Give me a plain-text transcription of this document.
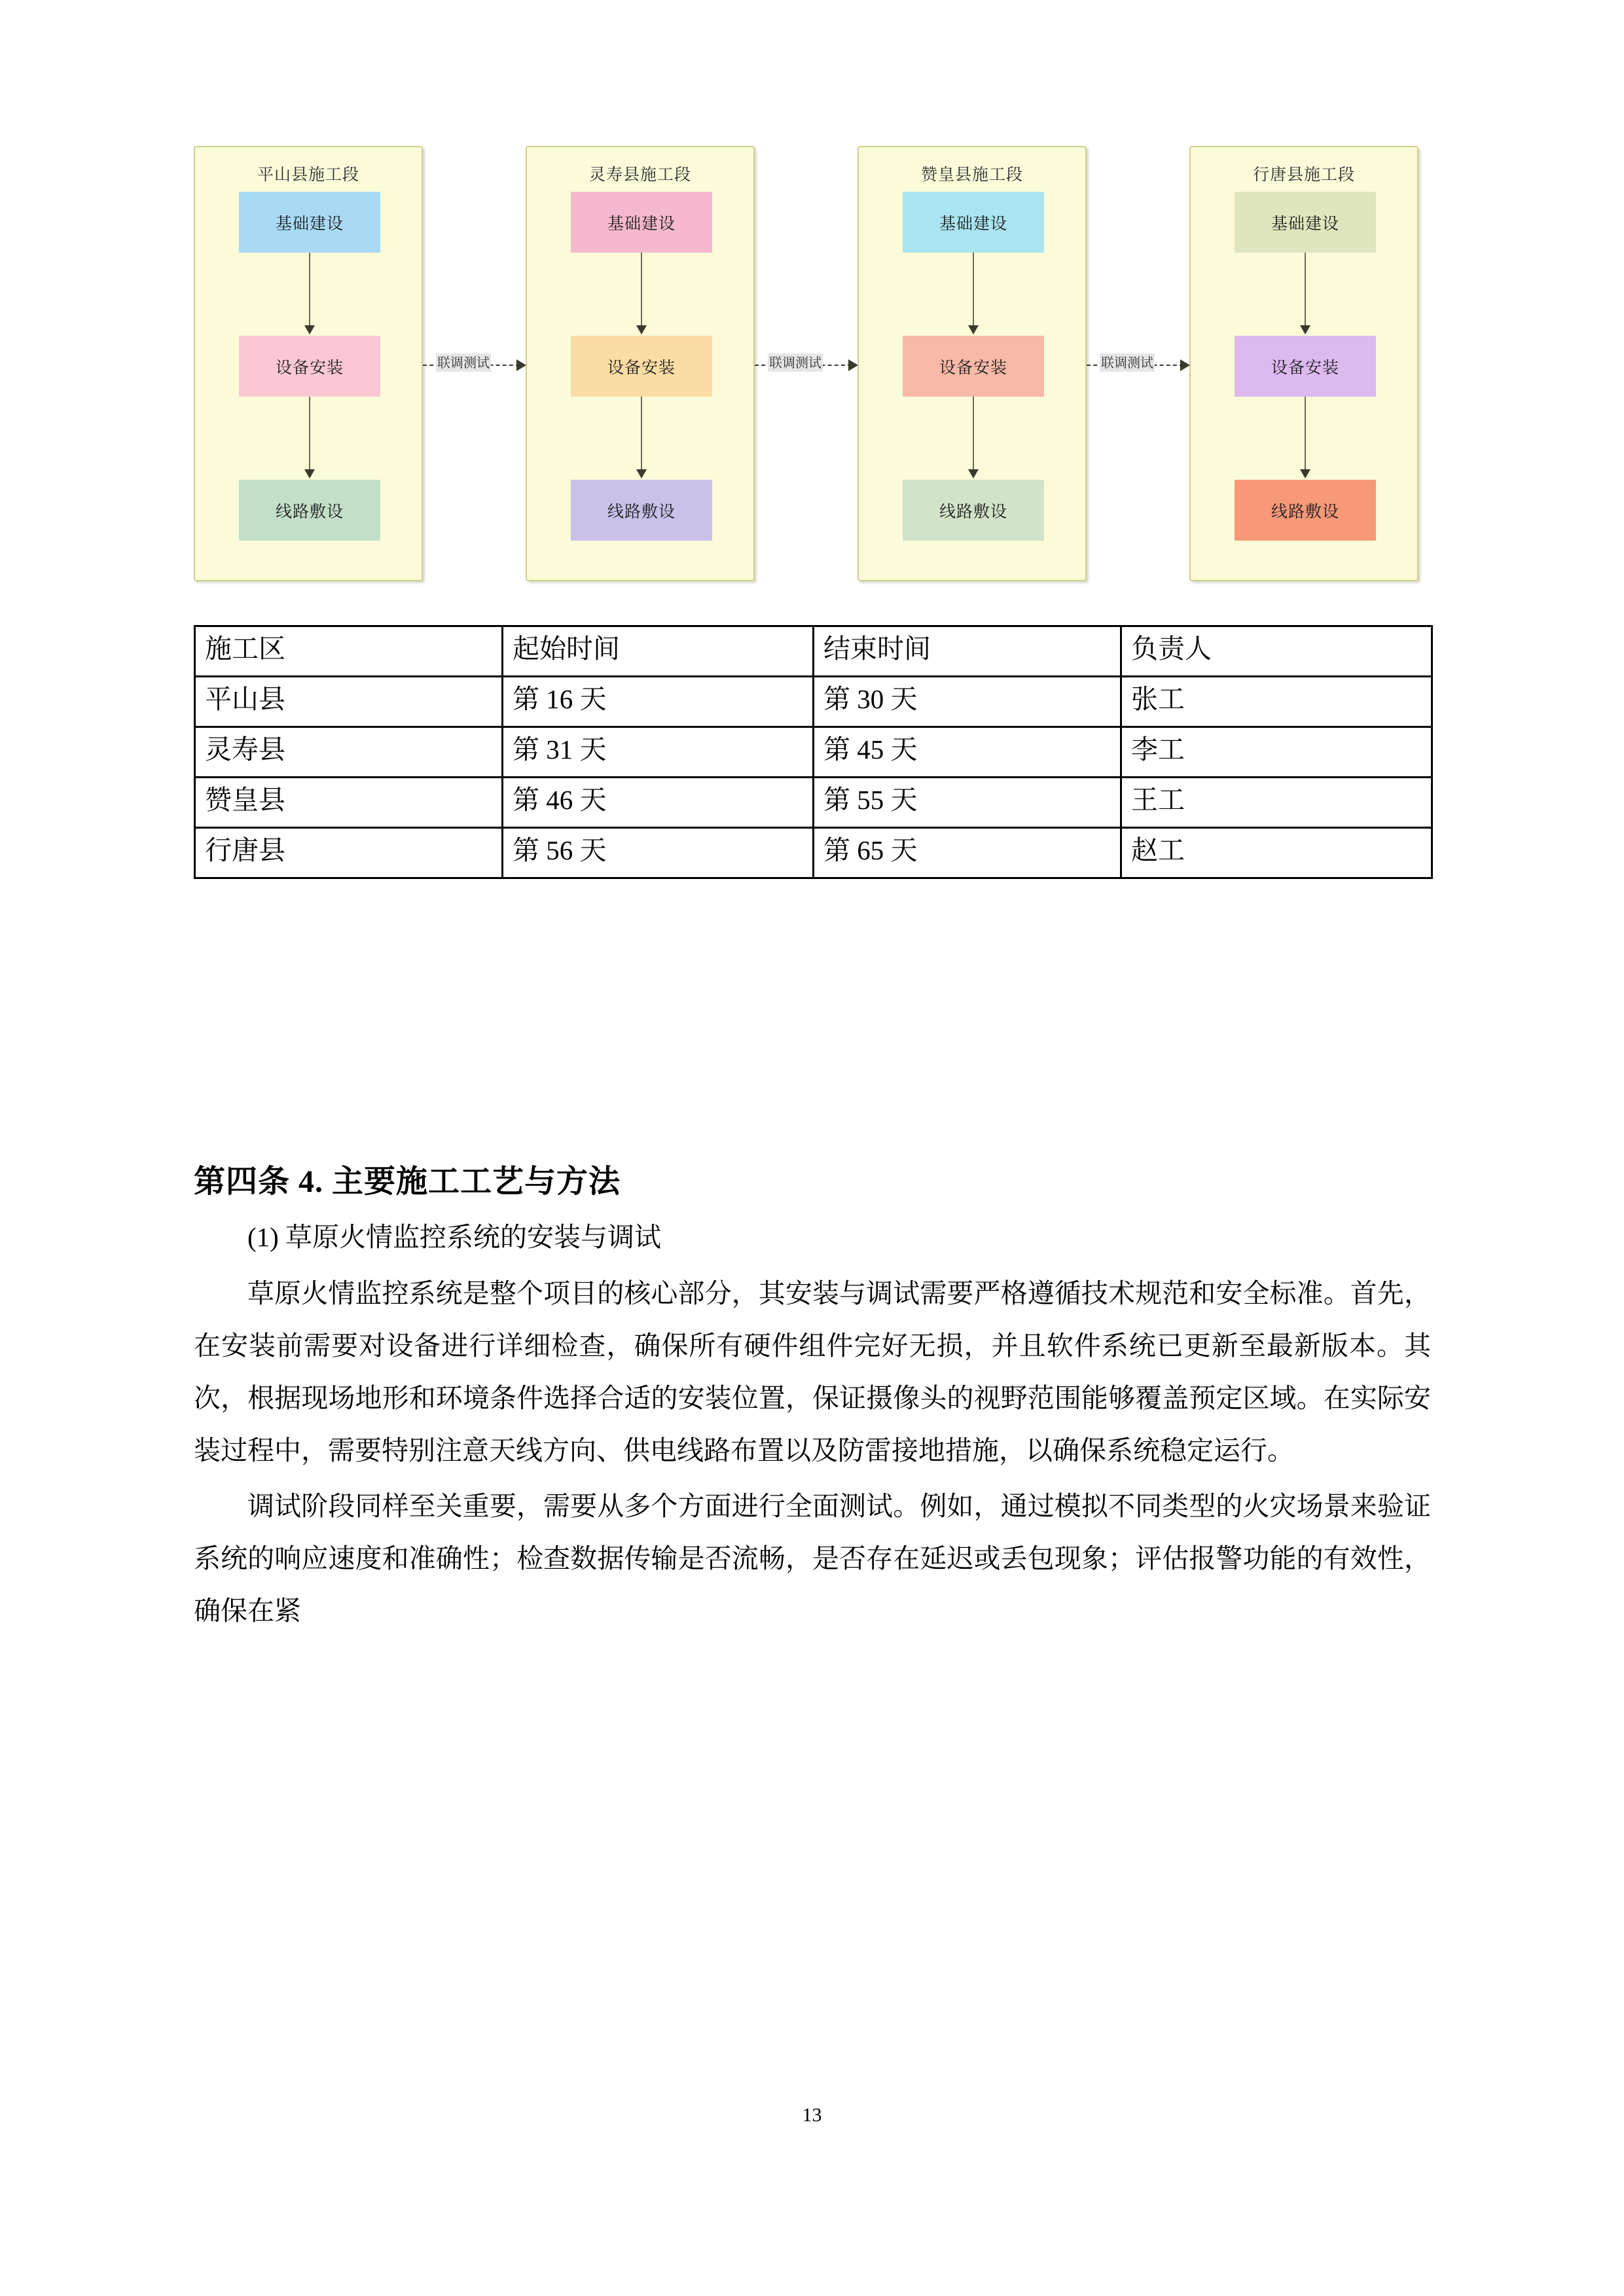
平山县施工段
基础建设
设备安装
线路敷设
灵寿县施工段
基础建设
设备安装
线路敷设
赞皇县施工段
基础建设
设备安装
线路敷设
行唐县施工段
基础建设
设备安装
线路敷设
联调测试	联调测试	联调测试
施工区	起始时间	结束时间	负责人
平山县	第 16 天	第 30 天	张工
灵寿县	第 31 天	第 45 天	李工
赞皇县	第 46 天	第 55 天	王工
行唐县	第 56 天	第 65 天	赵工
第四条 4. 主要施工工艺与方法

(1) 草原火情监控系统的安装与调试

草原火情监控系统是整个项目的核心部分，其安装与调试需要严格遵循技术规范和安全标准。首先，在安装前需要对设备进行详细检查，确保所有硬件组件完好无损，并且软件系统已更新至最新版本。其次，根据现场地形和环境条件选择合适的安装位置，保证摄像头的视野范围能够覆盖预定区域。在实际安装过程中，需要特别注意天线方向、供电线路布置以及防雷接地措施，以确保系统稳定运行。

调试阶段同样至关重要，需要从多个方面进行全面测试。例如，通过模拟不同类型的火灾场景来验证系统的响应速度和准确性；检查数据传输是否流畅，是否存在延迟或丢包现象；评估报警功能的有效性，确保在紧

13
